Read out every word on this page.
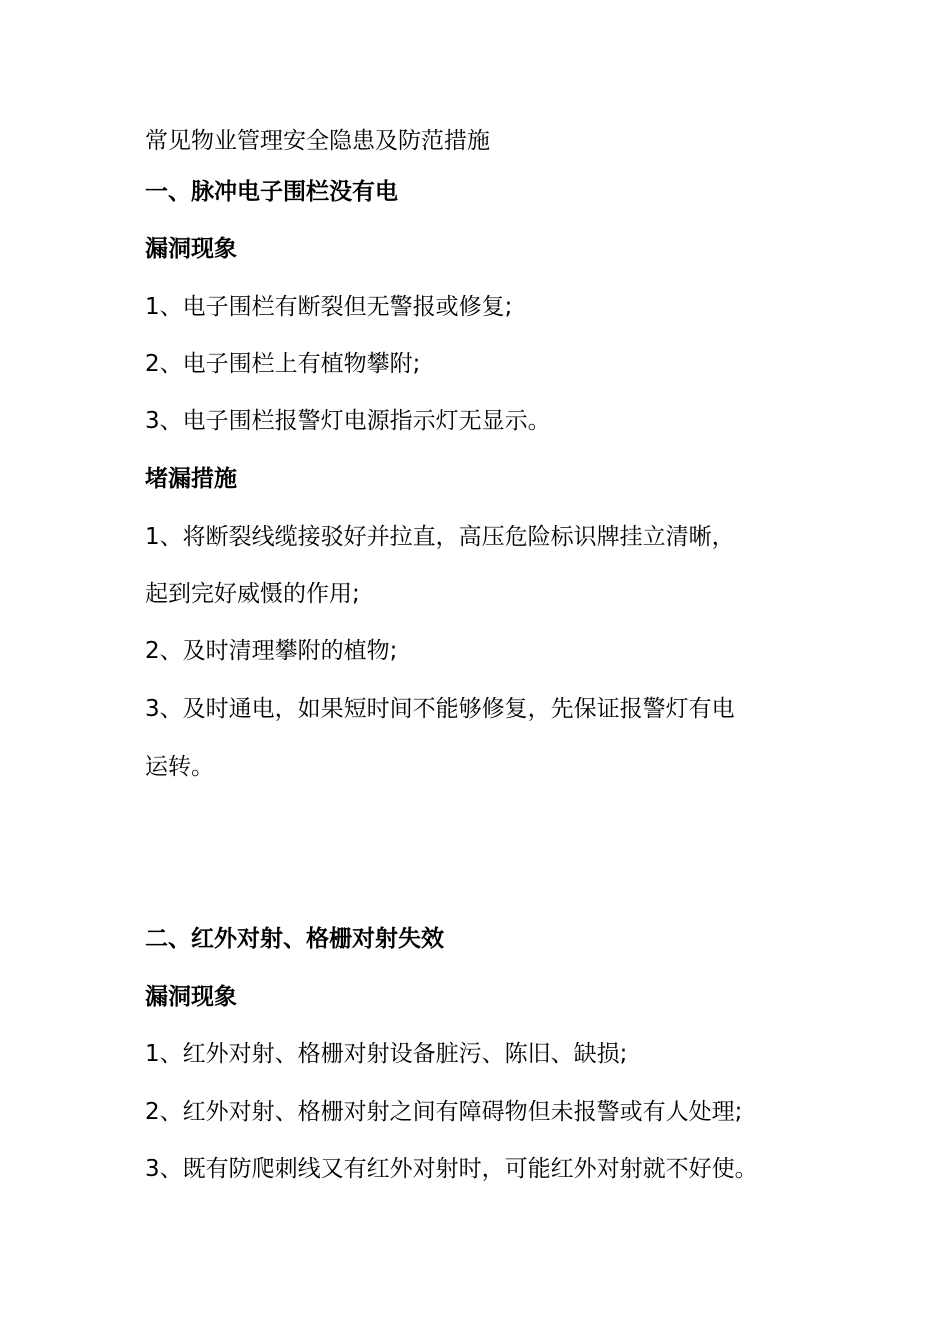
常见物业管理安全隐患及防范措施
一、脉冲电子围栏没有电
漏洞现象
1、电子围栏有断裂但无警报或修复;
2、电子围栏上有植物攀附;
3、电子围栏报警灯电源指示灯无显示。
堵漏措施
1、将断裂线缆接驳好并拉直，高压危险标识牌挂立清晰，
起到完好威慑的作用;
2、及时清理攀附的植物;
3、及时通电，如果短时间不能够修复，先保证报警灯有电
运转。
二、红外对射、格栅对射失效
漏洞现象
1、红外对射、格栅对射设备脏污、陈旧、缺损;
2、红外对射、格栅对射之间有障碍物但未报警或有人处理;
3、既有防爬刺线又有红外对射时，可能红外对射就不好使。
